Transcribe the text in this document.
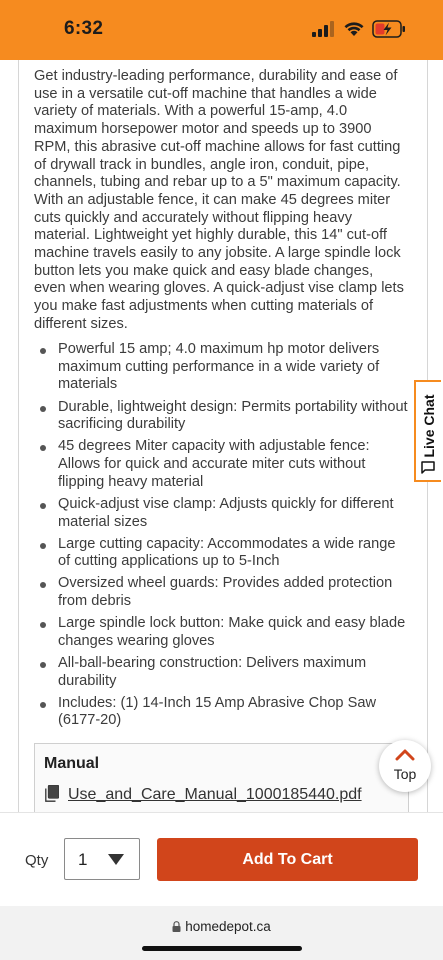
6:32

Get industry-leading performance, durability and ease of use in a versatile cut-off machine that handles a wide variety of materials. With a powerful 15-amp, 4.0 maximum horsepower motor and speeds up to 3900 RPM, this abrasive cut-off machine allows for fast cutting of drywall track in bundles, angle iron, conduit, pipe, channels, tubing and rebar up to a 5" maximum capacity. With an adjustable fence, it can make 45 degrees miter cuts quickly and accurately without flipping heavy material. Lightweight yet highly durable, this 14" cut-off machine travels easily to any jobsite. A large spindle lock button lets you make quick and easy blade changes, even when wearing gloves. A quick-adjust vise clamp lets you make fast adjustments when cutting materials of different sizes.

Powerful 15 amp; 4.0 maximum hp motor delivers maximum cutting performance in a wide variety of materials
Durable, lightweight design: Permits portability without sacrificing durability
45 degrees Miter capacity with adjustable fence: Allows for quick and accurate miter cuts without flipping heavy material
Quick-adjust vise clamp: Adjusts quickly for different material sizes
Large cutting capacity: Accommodates a wide range of cutting applications up to 5-Inch
Oversized wheel guards: Provides added protection from debris
Large spindle lock button: Make quick and easy blade changes wearing gloves
All-ball-bearing construction: Delivers maximum durability
Includes: (1) 14-Inch 15 Amp Abrasive Chop Saw (6177-20)
Manual
Use_and_Care_Manual_1000185440.pdf
Live Chat
Top
Qty 1	Add To Cart
homedepot.ca
